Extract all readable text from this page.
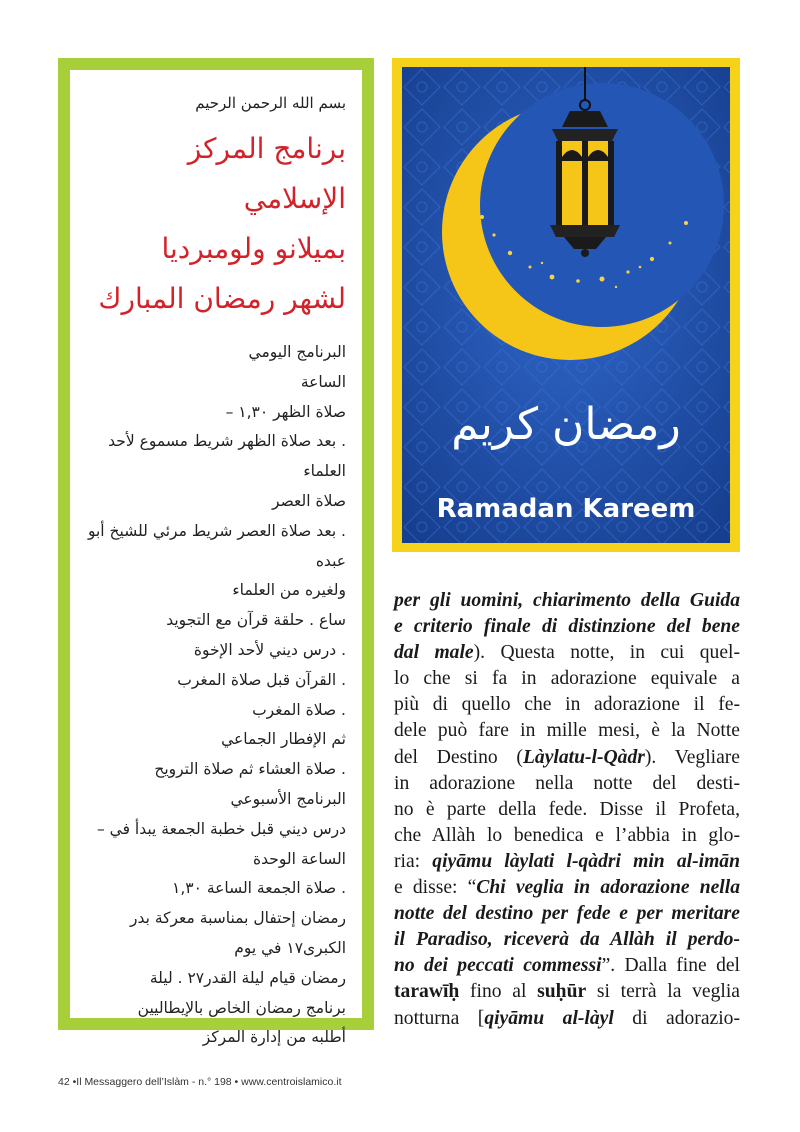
بسم الله الرحمن الرحيم
برنامج المركز الإسلامي
بميلانو ولومبرديا
لشهر رمضان المبارك
البرنامج اليومي
الساعة
صلاة الظهر ١,٣٠ –
. بعد صلاة الظهر شريط مسموع لأحد
العلماء
صلاة العصر
. بعد صلاة العصر شريط مرئي للشيخ أبو
عبده
ولغيره من العلماء
ساع . حلقة قرآن مع التجويد
. درس ديني لأحد الإخوة
. القرآن قبل صلاة المغرب
. صلاة المغرب
ثم الإفطار الجماعي
. صلاة العشاء ثم صلاة الترويح
البرنامج الأسبوعي
درس ديني قبل خطبة الجمعة يبدأ في –
الساعة الوحدة
. صلاة الجمعة الساعة ١,٣٠
رمضان إحتفال بمناسبة معركة بدر
الكبرى١٧ في يوم
رمضان قيام ليلة القدر٢٧ . ليلة
برنامج رمضان الخاص بالإيطاليين
أطلبه من إدارة المركز
رمضان كريم
Ramadan Kareem
per gli uomini, chiarimento della Guida
e criterio finale di distinzione del bene
dal male). Questa notte, in cui quel-
lo che si fa in adorazione equivale a
più di quello che in adorazione il fe-
dele può fare in mille mesi, è la Notte
del Destino (Làylatu-l-Qàdr). Vegliare
in adorazione nella notte del desti-
no è parte della fede. Disse il Profeta,
che Allàh lo benedica e l’abbia in glo-
ria: qiyāmu làylati l-qàdri min al-imān
e disse: “Chi veglia in adorazione nella
notte del destino per fede e per meritare
il Paradiso, riceverà da Allàh il perdo-
no dei peccati commessi”. Dalla fine del
tarawīḥ fino al suḥūr si terrà la veglia
notturna [qiyāmu al-làyl di adorazio-
42 •Il Messaggero dell’Islàm - n.° 198 • www.centroislamico.it
